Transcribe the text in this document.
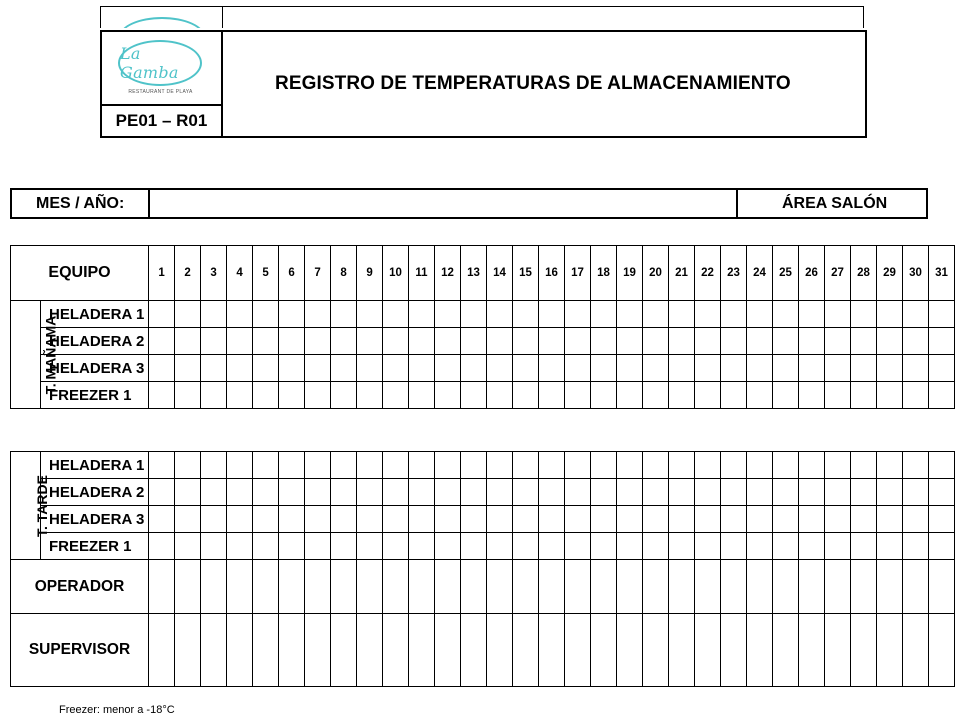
La Gamba
RESTAURANT DE PLAYA
PE01 – R01
REGISTRO DE TEMPERATURAS DE ALMACENAMIENTO
MES / AÑO:	ÁREA SALÓN
EQUIPO		1	2	3	4	5	6	7	8	9	10	11	12	13	14	15	16	17	18	19	20	21	22	23	24	25	26	27	28	29	30	31
T. MAÑAMA	HELADERA 1																															
	HELADERA 2																															
	HELADERA 3																															
	FREEZER 1																															
T. TARDE	HELADERA 1																															
	HELADERA 2																															
	HELADERA 3																															
	FREEZER 1																															
OPERADOR																																
SUPERVISOR																																
Freezer: menor a -18°C
